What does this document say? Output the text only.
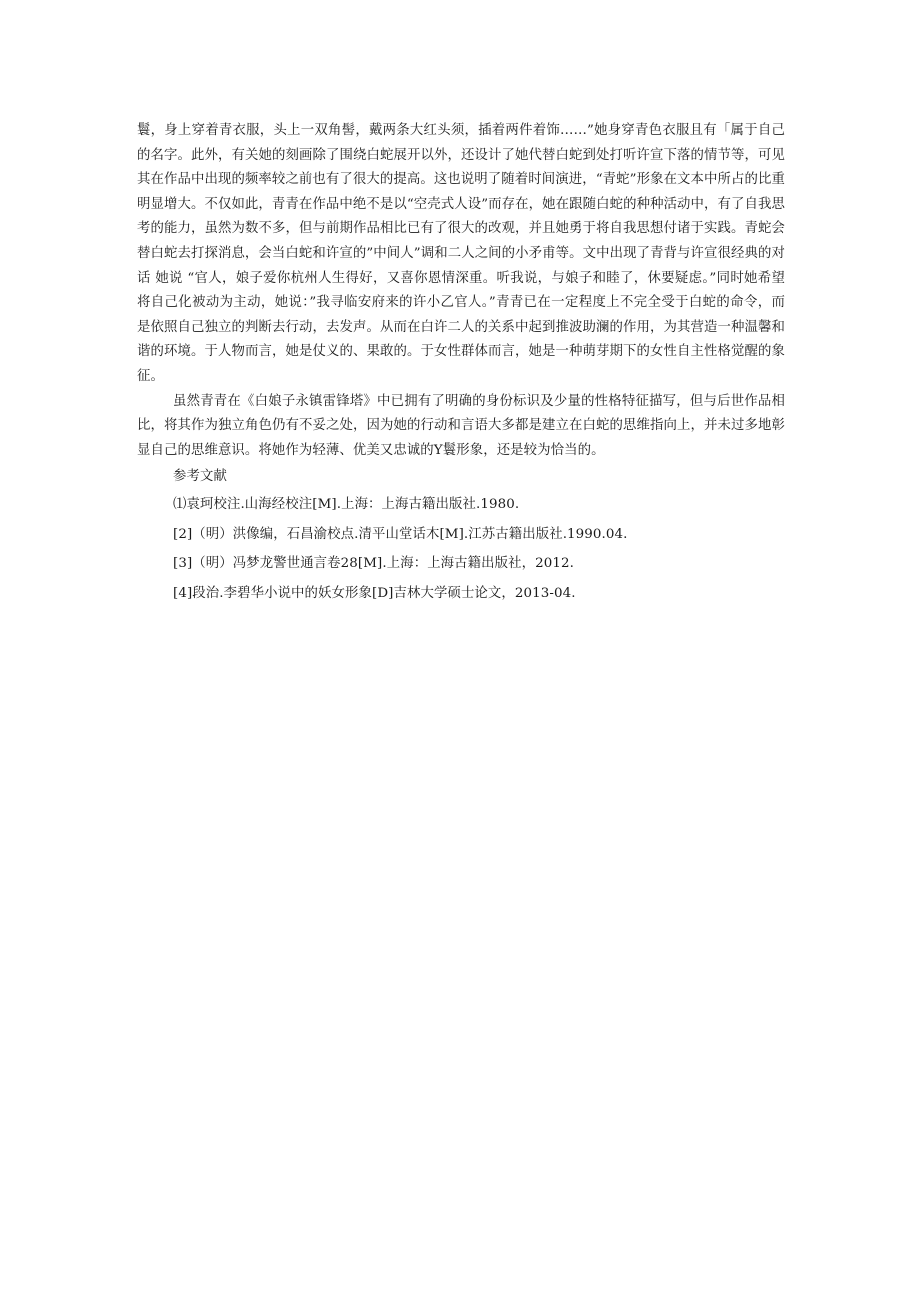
鬟，身上穿着青衣服，头上一双角髻，戴两条大红头须，插着两件着饰……”她身穿青色衣服且有「属于自己的名字。此外，有关她的刻画除了围绕白蛇展开以外，还设计了她代替白蛇到处打听许宣下落的情节等，可见其在作品中出现的频率较之前也有了很大的提高。这也说明了随着时间演进，“青蛇”形象在文本中所占的比重明显增大。不仅如此，青青在作品中绝不是以“空壳式人设”而存在，她在跟随白蛇的种种活动中，有了自我思考的能力，虽然为数不多，但与前期作品相比已有了很大的改观，并且她勇于将自我思想付诸于实践。青蛇会替白蛇去打探消息，会当白蛇和许宣的”中间人”调和二人之间的小矛甫等。文中出现了青背与许宣很经典的对话 她说 “官人，娘子爱你杭州人生得好，又喜你恩情深重。听我说，与娘子和睦了，休要疑虑。”同时她希望将自己化被动为主动，她说：”我寻临安府来的许小乙官人。”青青已在一定程度上不完全受于白蛇的命令，而是依照自己独立的判断去行动，去发声。从而在白许二人的关系中起到推波助澜的作用，为其营造一种温馨和谐的环境。于人物而言，她是仗义的、果敢的。于女性群体而言，她是一种萌芽期下的女性自主性格觉醒的象征。

虽然青青在《白娘子永镇雷锋塔》中已拥有了明确的身份标识及少量的性格特征描写，但与后世作品相比，将其作为独立角色仍有不妥之处，因为她的行动和言语大多都是建立在白蛇的思维指向上，并未过多地彰显自己的思维意识。将她作为轻薄、优美又忠诚的Y鬟形象，还是较为恰当的。

参考文献

⑴袁珂校注.山海经校注[M].上海：上海古籍出版社.1980.

[2]（明）洪像编，石昌渝校点.清平山堂话木[M].江苏古籍出版社.1990.04.

[3]（明）冯梦龙警世通言卷28[M].上海：上海古籍出版社，2012.

[4]段治.李碧华小说中的妖女形象[D]吉林大学硕士论文，2013-04.
